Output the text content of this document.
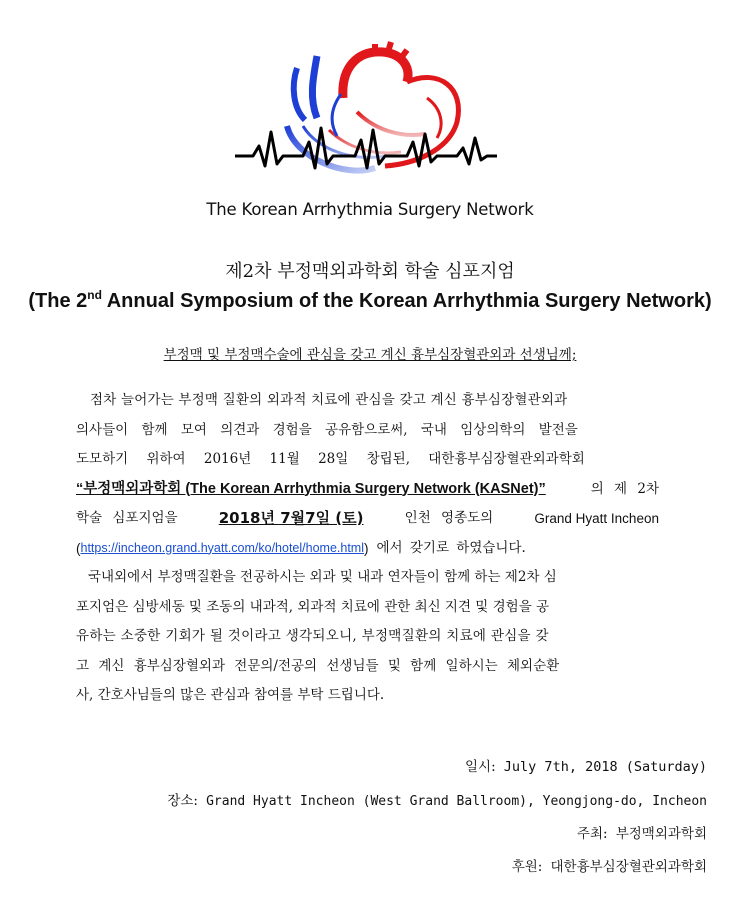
The Korean Arrhythmia Surgery Network
제2차 부정맥외과학회 학술 심포지엄
(The 2nd Annual Symposium of the Korean Arrhythmia Surgery Network)
부정맥 및 부정맥수술에 관심을 갖고 계신 흉부심장혈관외과 선생님께;
점차 늘어가는 부정맥 질환의 외과적 치료에 관심을 갖고 계신 흉부심장혈관외과
의사들이 함께 모여 의견과 경험을 공유함으로써, 국내 임상의학의 발전을
도모하기 위하여 2016년 11월 28일 창립된, 대한흉부심장혈관외과학회
“부정맥외과학회 (The Korean Arrhythmia Surgery Network (KASNet)”	의 제 2차
학술 심포지엄을	2018년 7월7일 (토)	인천 영종도의	Grand Hyatt Incheon
( https://incheon.grand.hyatt.com/ko/hotel/home.html ) 에서 갖기로 하였습니다.
국내외에서 부정맥질환을 전공하시는 외과 및 내과 연자들이 함께 하는 제2차 심
포지엄은 심방세동 및 조동의 내과적, 외과적 치료에 관한 최신 지견 및 경험을 공
유하는 소중한 기회가 될 것이라고 생각되오니, 부정맥질환의 치료에 관심을 갖
고 계신 흉부심장혈외과 전문의/전공의 선생님들 및 함께 일하시는 체외순환
사, 간호사님들의 많은 관심과 참여를 부탁 드립니다.
일시: July 7th, 2018 (Saturday)
장소: Grand Hyatt Incheon (West Grand Ballroom), Yeongjong-do, Incheon
주최: 부정맥외과학회
후원: 대한흉부심장혈관외과학회
